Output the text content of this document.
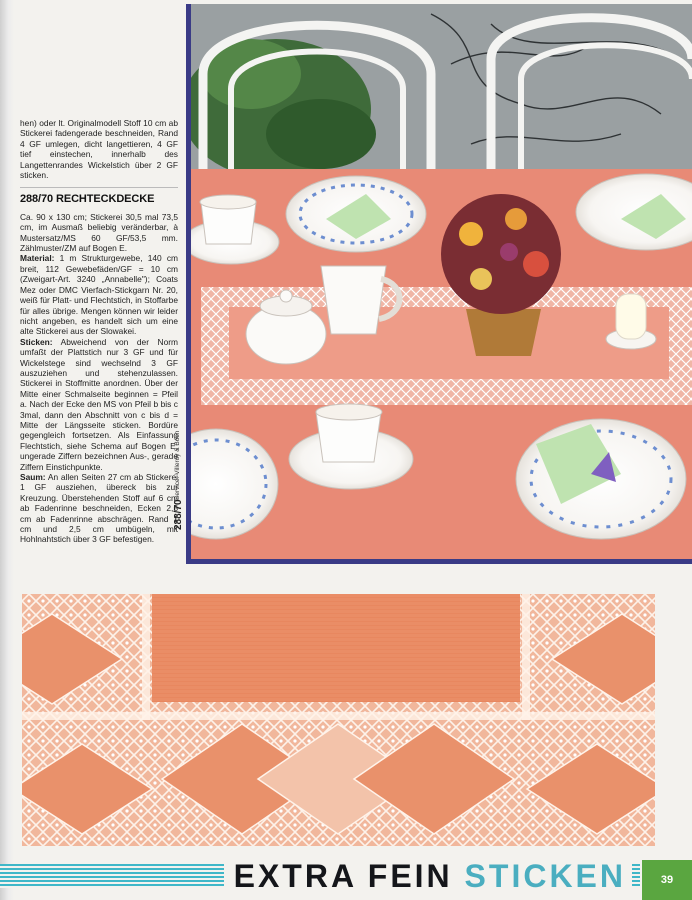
hen) oder lt. Originalmodell Stoff 10 cm ab Stickerei fadengerade beschneiden, Rand 4 GF umlegen, dicht langettieren, 4 GF tief einstechen, innerhalb des Langettenrandes Wickelstich über 2 GF sticken.

288/70 RECHTECKDECKE

Ca. 90 x 130 cm; Stickerei 30,5 mal 73,5 cm, im Ausmaß beliebig veränderbar, à Mustersatz/MS 60 GF/53,5 mm. Zählmuster/ZM auf Bogen E.

Material: 1 m Strukturgewebe, 140 cm breit, 112 Gewebefäden/GF = 10 cm (Zweigart-Art. 3240 „Annabelle"); Coats Mez oder DMC Vierfach-Stickgarn Nr. 20, weiß für Platt- und Flechtstich, in Stoffarbe für alles übrige. Mengen können wir leider nicht angeben, es handelt sich um eine alte Stickerei aus der Slowakei.

Sticken: Abweichend von der Norm umfaßt der Plattstich nur 3 GF und für Wickelstege sind wechselnd 3 GF auszuziehen und stehenzulassen. Stickerei in Stoffmitte anordnen. Über der Mitte einer Schmalseite beginnen = Pfeil a. Nach der Ecke den MS von Pfeil b bis c 3mal, dann den Abschnitt von c bis d = Mitte der Längsseite sticken. Bordüre gegengleich fortsetzen. Als Einfassung Flechtstich, siehe Schema auf Bogen E; ungerade Ziffern bezeichnen Aus-, gerade Ziffern Einstichpunkte.

Saum: An allen Seiten 27 cm ab Stickerei 1 GF ausziehen, übereck bis zur Kreuzung. Überstehenden Stoff auf 6 cm ab Fadenrinne beschneiden, Ecken 2,5 cm ab Fadenrinne abschrägen. Rand 1 cm und 2,5 cm umbügeln, mit Hohlnahtstich über 3 GF befestigen.

288/70
Service: Villeroy & Boch
EXTRA FEIN STICKEN	39
